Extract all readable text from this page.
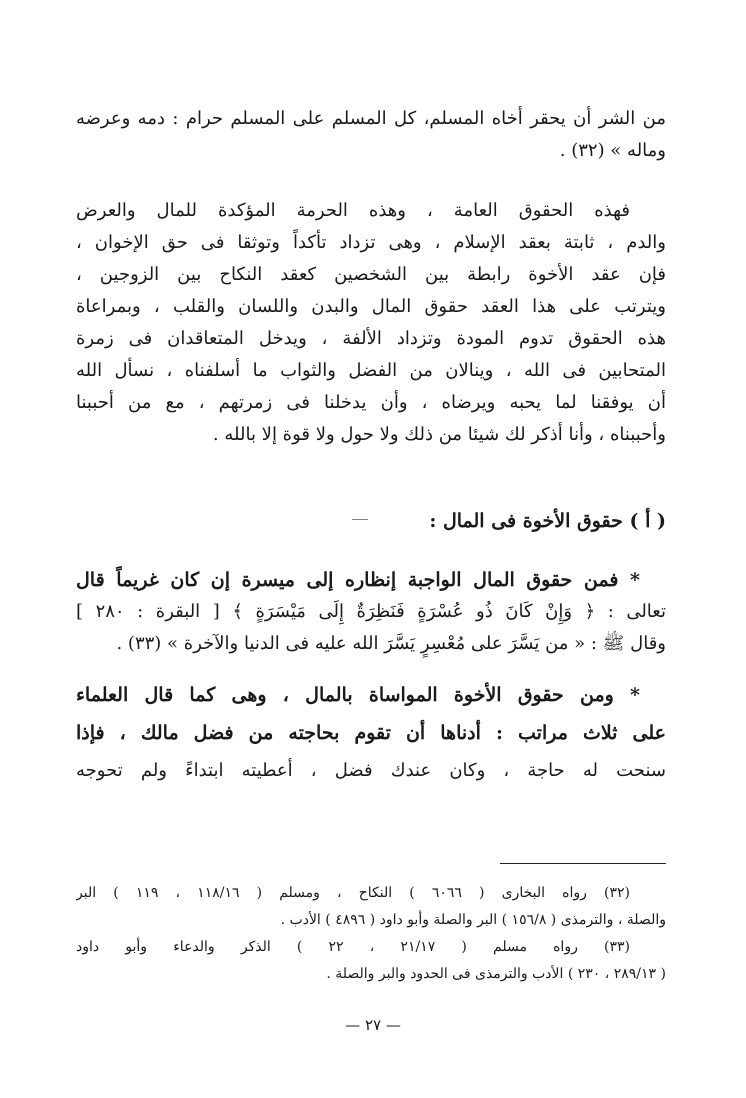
من الشر أن يحقر أخاه المسلم، كل المسلم على المسلم حرام : دمه وعرضه
وماله » (٣٢) .
فهذه الحقوق العامة ، وهذه الحرمة المؤكدة للمال والعرض
والدم ، ثابتة بعقد الإسلام ، وهى تزداد تأكداً وتوثقا فى حق الإخوان ،
فإن عقد الأخوة رابطة بين الشخصين كعقد النكاح بين الزوجين ،
ويترتب على هذا العقد حقوق المال والبدن واللسان والقلب ، وبمراعاة
هذه الحقوق تدوم المودة وتزداد الألفة ، ويدخل المتعاقدان فى زمرة
المتحابين فى الله ، وينالان من الفضل والثواب ما أسلفناه ، نسأل الله
أن يوفقنا لما يحبه ويرضاه ، وأن يدخلنا فى زمرتهم ، مع من أحببنا
وأحببناه ، وأنا أذكر لك شيئا من ذلك ولا حول ولا قوة إلا بالله .
( أ ) حقوق الأخوة فى المال :
* فمن حقوق المال الواجبة إنظاره إلى ميسرة إن كان غريماً قال
تعالى : ﴿ وَإِنْ كَانَ ذُو عُسْرَةٍ فَنَظِرَةٌ إِلَى مَيْسَرَةٍ ﴾ [ البقرة : ٢٨٠ ]
وقال ﷺ : « من يَسَّرَ على مُعْسِرٍ يَسَّرَ الله عليه فى الدنيا والآخرة » (٣٣) .
* ومن حقوق الأخوة المواساة بالمال ، وهى كما قال العلماء
على ثلاث مراتب : أدناها أن تقوم بحاجته من فضل مالك ، فإذا
سنحت له حاجة ، وكان عندك فضل ، أعطيته ابتداءً ولم تحوجه
(٣٢) رواه البخارى ( ٦٠٦٦ ) النكاح ، ومسلم ( ١١٨/١٦ ، ١١٩ ) البر
والصلة ، والترمذى ( ١٥٦/٨ ) البر والصلة وأبو داود ( ٤٨٩٦ ) الأدب .
(٣٣) رواه مسلم ( ٢١/١٧ ، ٢٢ ) الذكر والدعاء وأبو داود
( ٢٨٩/١٣ ، ٢٣٠ ) الأدب والترمذى فى الحدود والبر والصلة .
— ٢٧ —
